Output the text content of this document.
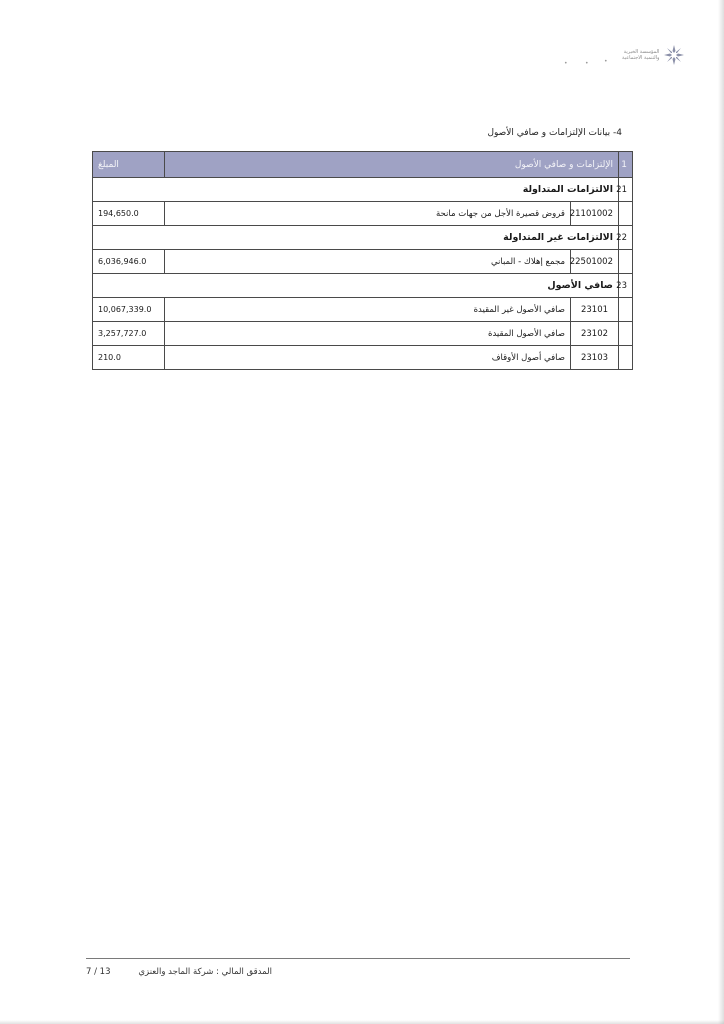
المؤسسة الخيرية
والتنمية الاجتماعية
•	•	•
4- بيانات الإلتزامات و صافي الأصول
1	الإلتزامات و صافي الأصول		المبلغ
21	الالتزامات المتداولة		
	21101002	قروض قصيرة الأجل من جهات مانحة	194,650.0
22	الالتزامات غير المتداولة		
	22501002	مجمع إهلاك - المباني	6,036,946.0
23	صافي الأصول		
	23101	صافي الأصول غير المقيدة	10,067,339.0
	23102	صافي الأصول المقيدة	3,257,727.0
	23103	صافي أصول الأوقاف	210.0
المدقق المالي : شركة الماجد والعنزي
7 / 13
